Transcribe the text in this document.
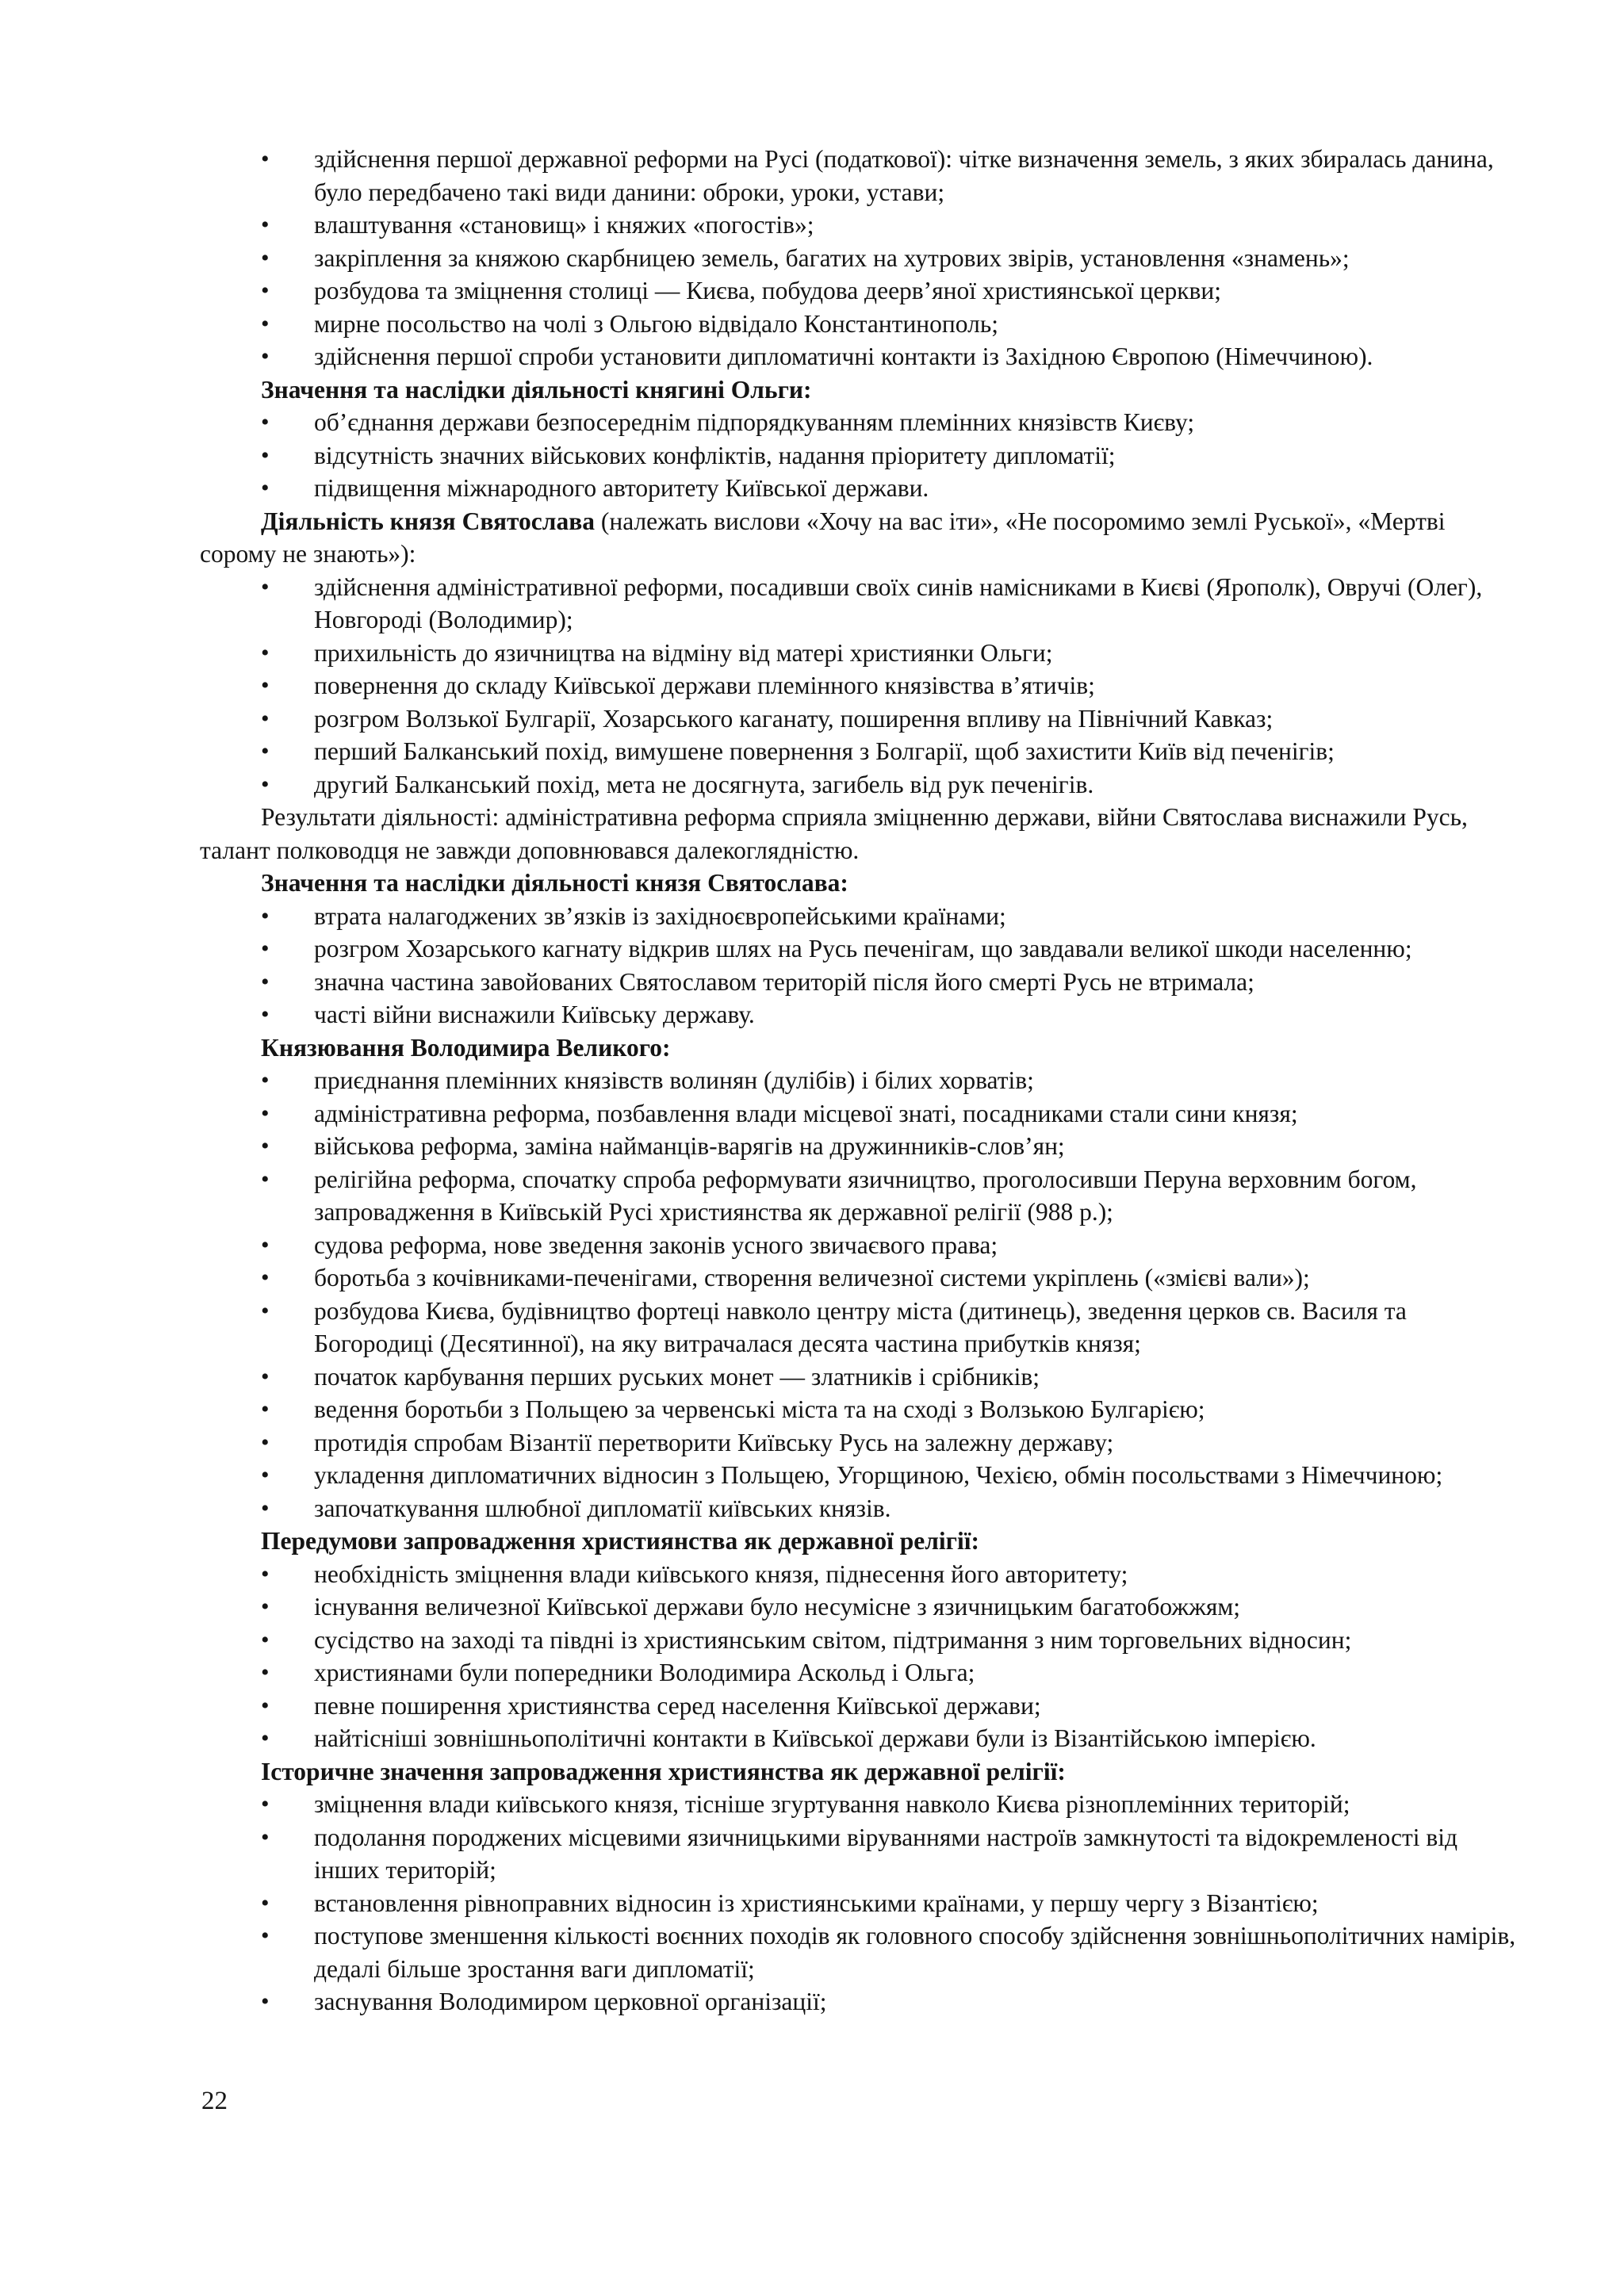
• здійснення першої державної реформи на Русі (податкової): чітке визначення земель, з яких збиралась данина, було передбачено такі види данини: оброки, уроки, устави;
• влаштування «становищ» і княжих «погостів»;
• закріплення за княжою скарбницею земель, багатих на хутрових звірів, установлення «знамень»;
• розбудова та зміцнення столиці — Києва, побудова деерв’яної християнської церкви;
• мирне посольство на чолі з Ольгою відвідало Константинополь;
• здійснення першої спроби установити дипломатичні контакти із Західною Європою (Німеччиною).

Значення та наслідки діяльності княгині Ольги:

• об’єднання держави безпосереднім підпорядкуванням племінних князівств Києву;
• відсутність значних військових конфліктів, надання пріоритету дипломатії;
• підвищення міжнародного авторитету Київської держави.

Діяльність князя Святослава (належать вислови «Хочу на вас іти», «Не посоромимо землі Руської», «Мертві сорому не знають»):

• здійснення адміністративної реформи, посадивши своїх синів намісниками в Києві (Ярополк), Овручі (Олег), Новгороді (Володимир);
• прихильність до язичництва на відміну від матері християнки Ольги;
• повернення до складу Київської держави племінного князівства в’ятичів;
• розгром Волзької Булгарії, Хозарського каганату, поширення впливу на Північний Кавказ;
• перший Балканський похід, вимушене повернення з Болгарії, щоб захистити Київ від печенігів;
• другий Балканський похід, мета не досягнута, загибель від рук печенігів.

Результати діяльності: адміністративна реформа сприяла зміцненню держави, війни Святослава виснажили Русь, талант полководця не завжди доповнювався далекоглядністю.

Значення та наслідки діяльності князя Святослава:

• втрата налагоджених зв’язків із західноєвропейськими країнами;
• розгром Хозарського кагнату відкрив шлях на Русь печенігам, що завдавали великої шкоди населенню;
• значна частина завойованих Святославом територій після його смерті Русь не втримала;
• часті війни виснажили Київську державу.

Князювання Володимира Великого:

• приєднання племінних князівств волинян (дулібів) і білих хорватів;
• адміністративна реформа, позбавлення влади місцевої знаті, посадниками стали сини князя;
• військова реформа, заміна найманців-варягів на дружинників-слов’ян;
• релігійна реформа, спочатку спроба реформувати язичництво, проголосивши Перуна верховним богом, запровадження в Київській Русі християнства як державної релігії (988 р.);
• судова реформа, нове зведення законів усного звичаєвого права;
• боротьба з кочівниками-печенігами, створення величезної системи укріплень («змієві вали»);
• розбудова Києва, будівництво фортеці навколо центру міста (дитинець), зведення церков св. Василя та Богородиці (Десятинної), на яку витрачалася десята частина прибутків князя;
• початок карбування перших руських монет — златників і срібників;
• ведення боротьби з Польщею за червенські міста та на сході з Волзькою Булгарією;
• протидія спробам Візантії перетворити Київську Русь на залежну державу;
• укладення дипломатичних відносин з Польщею, Угорщиною, Чехією, обмін посольствами з Німеччиною;
• започаткування шлюбної дипломатії київських князів.

Передумови запровадження християнства як державної релігії:

• необхідність зміцнення влади київського князя, піднесення його авторитету;
• існування величезної Київської держави було несумісне з язичницьким багатобожжям;
• сусідство на заході та півдні із християнським світом, підтримання з ним торговельних відносин;
• християнами були попередники Володимира Аскольд і Ольга;
• певне поширення християнства серед населення Київської держави;
• найтісніші зовнішньополітичні контакти в Київської держави були із Візантійською імперією.

Історичне значення запровадження християнства як державної релігії:

• зміцнення влади київського князя, тісніше згуртування навколо Києва різноплемінних територій;
• подолання породжених місцевими язичницькими віруваннями настроїв замкнутості та відокремленості від інших територій;
• встановлення рівноправних відносин із християнськими країнами, у першу чергу з Візантією;
• поступове зменшення кількості воєнних походів як головного способу здійснення зовнішньополітичних намірів, дедалі більше зростання ваги дипломатії;
• заснування Володимиром церковної організації;
22
